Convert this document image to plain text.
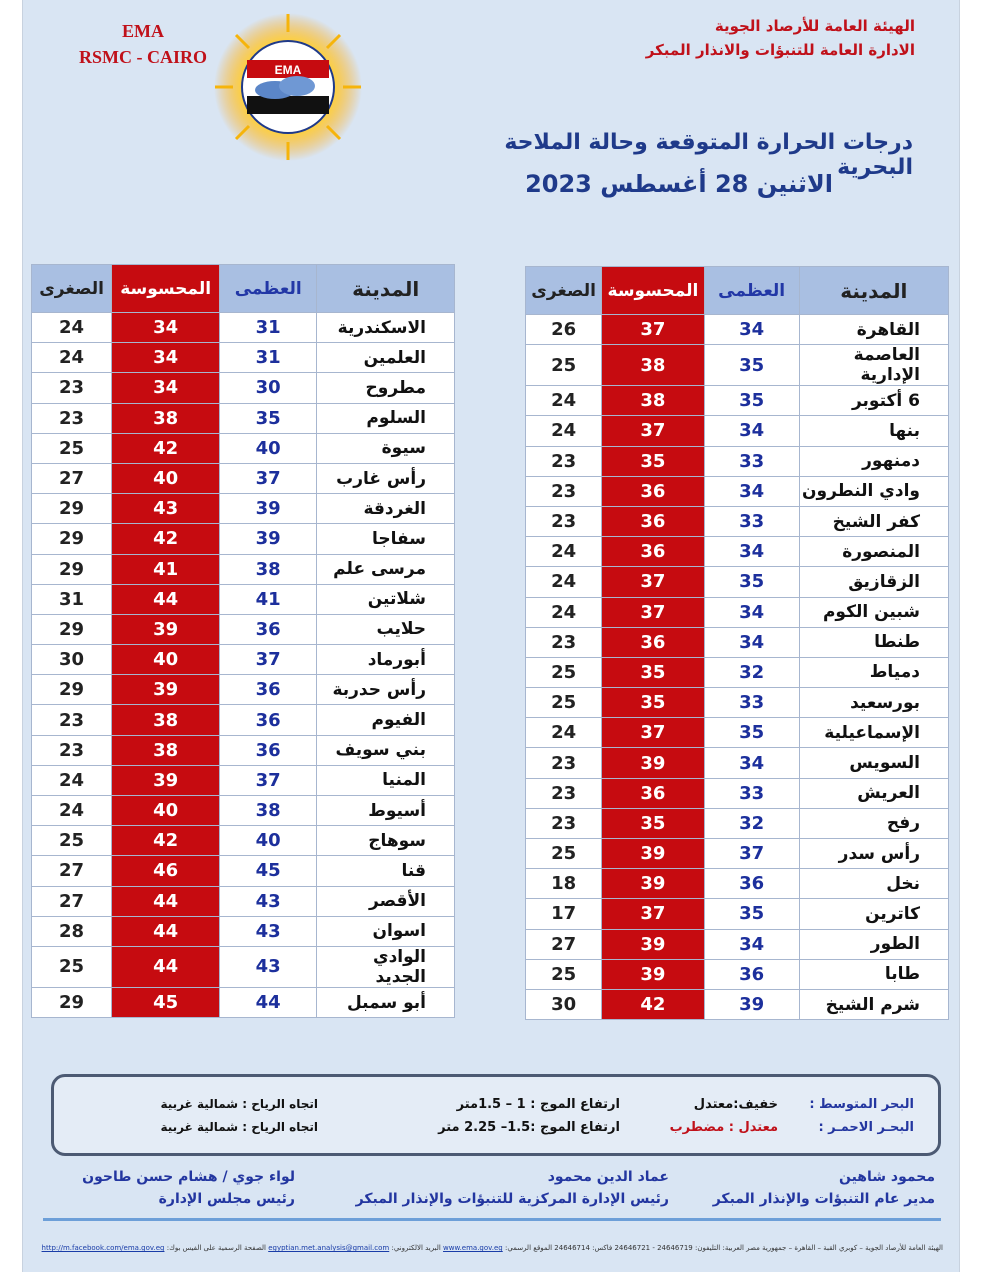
الهيئة العامة للأرصاد الجوية
الادارة العامة للتنبؤات والانذار المبكر
EMA
RSMC - CAIRO
EMA
درجات الحرارة المتوقعة وحالة الملاحة البحرية
الاثنين 28 أغسطس 2023
المدينة	العظمى	المحسوسة	الصغرى
القاهرة	34	37	26
العاصمة الإدارية	35	38	25
6 أكتوبر	35	38	24
بنها	34	37	24
دمنهور	33	35	23
وادي النطرون	34	36	23
كفر الشيخ	33	36	23
المنصورة	34	36	24
الزقازيق	35	37	24
شبين الكوم	34	37	24
طنطا	34	36	23
دمياط	32	35	25
بورسعيد	33	35	25
الإسماعيلية	35	37	24
السويس	34	39	23
العريش	33	36	23
رفح	32	35	23
رأس سدر	37	39	25
نخل	36	39	18
كاترين	35	37	17
الطور	34	39	27
طابا	36	39	25
شرم الشيخ	39	42	30
المدينة	العظمى	المحسوسة	الصغرى
الاسكندرية	31	34	24
العلمين	31	34	24
مطروح	30	34	23
السلوم	35	38	23
سيوة	40	42	25
رأس غارب	37	40	27
الغردقة	39	43	29
سفاجا	39	42	29
مرسى علم	38	41	29
شلاتين	41	44	31
حلايب	36	39	29
أبورماد	37	40	30
رأس حدربة	36	39	29
الفيوم	36	38	23
بني سويف	36	38	23
المنيا	37	39	24
أسيوط	38	40	24
سوهاج	40	42	25
قنا	45	46	27
الأقصر	43	44	27
اسوان	43	44	28
الوادي الجديد	43	44	25
أبو سمبل	44	45	29
البحر المتوسط :
خفيف:معتدل
ارتفاع الموج : 1 – 1.5متر
اتجاه الرياح : شمالية غربية
البحـر الاحمـر :
معتدل : مضطرب
ارتفاع الموج :1.5– 2.25 متر
اتجاه الرياح : شمالية غربية
محمود شاهين
مدير عام التنبؤات والإنذار المبكر
عماد الدين محمود
رئيس الإدارة المركزية للتنبؤات والإنذار المبكر
لواء جوي / هشام حسن طاحون
رئيس مجلس الإدارة
الهيئة العامة للأرصاد الجوية – كوبري القبة – القاهرة – جمهورية مصر العربية: التليفون: 24646719 - 24646721 فاكس: 24646714 الموقع الرسمي: www.ema.gov.eg البريد الالكتروني: egyptian.met.analysis@gmail.com الصفحة الرسمية على الفيس بوك: http://m.facebook.com/ema.gov.eg
